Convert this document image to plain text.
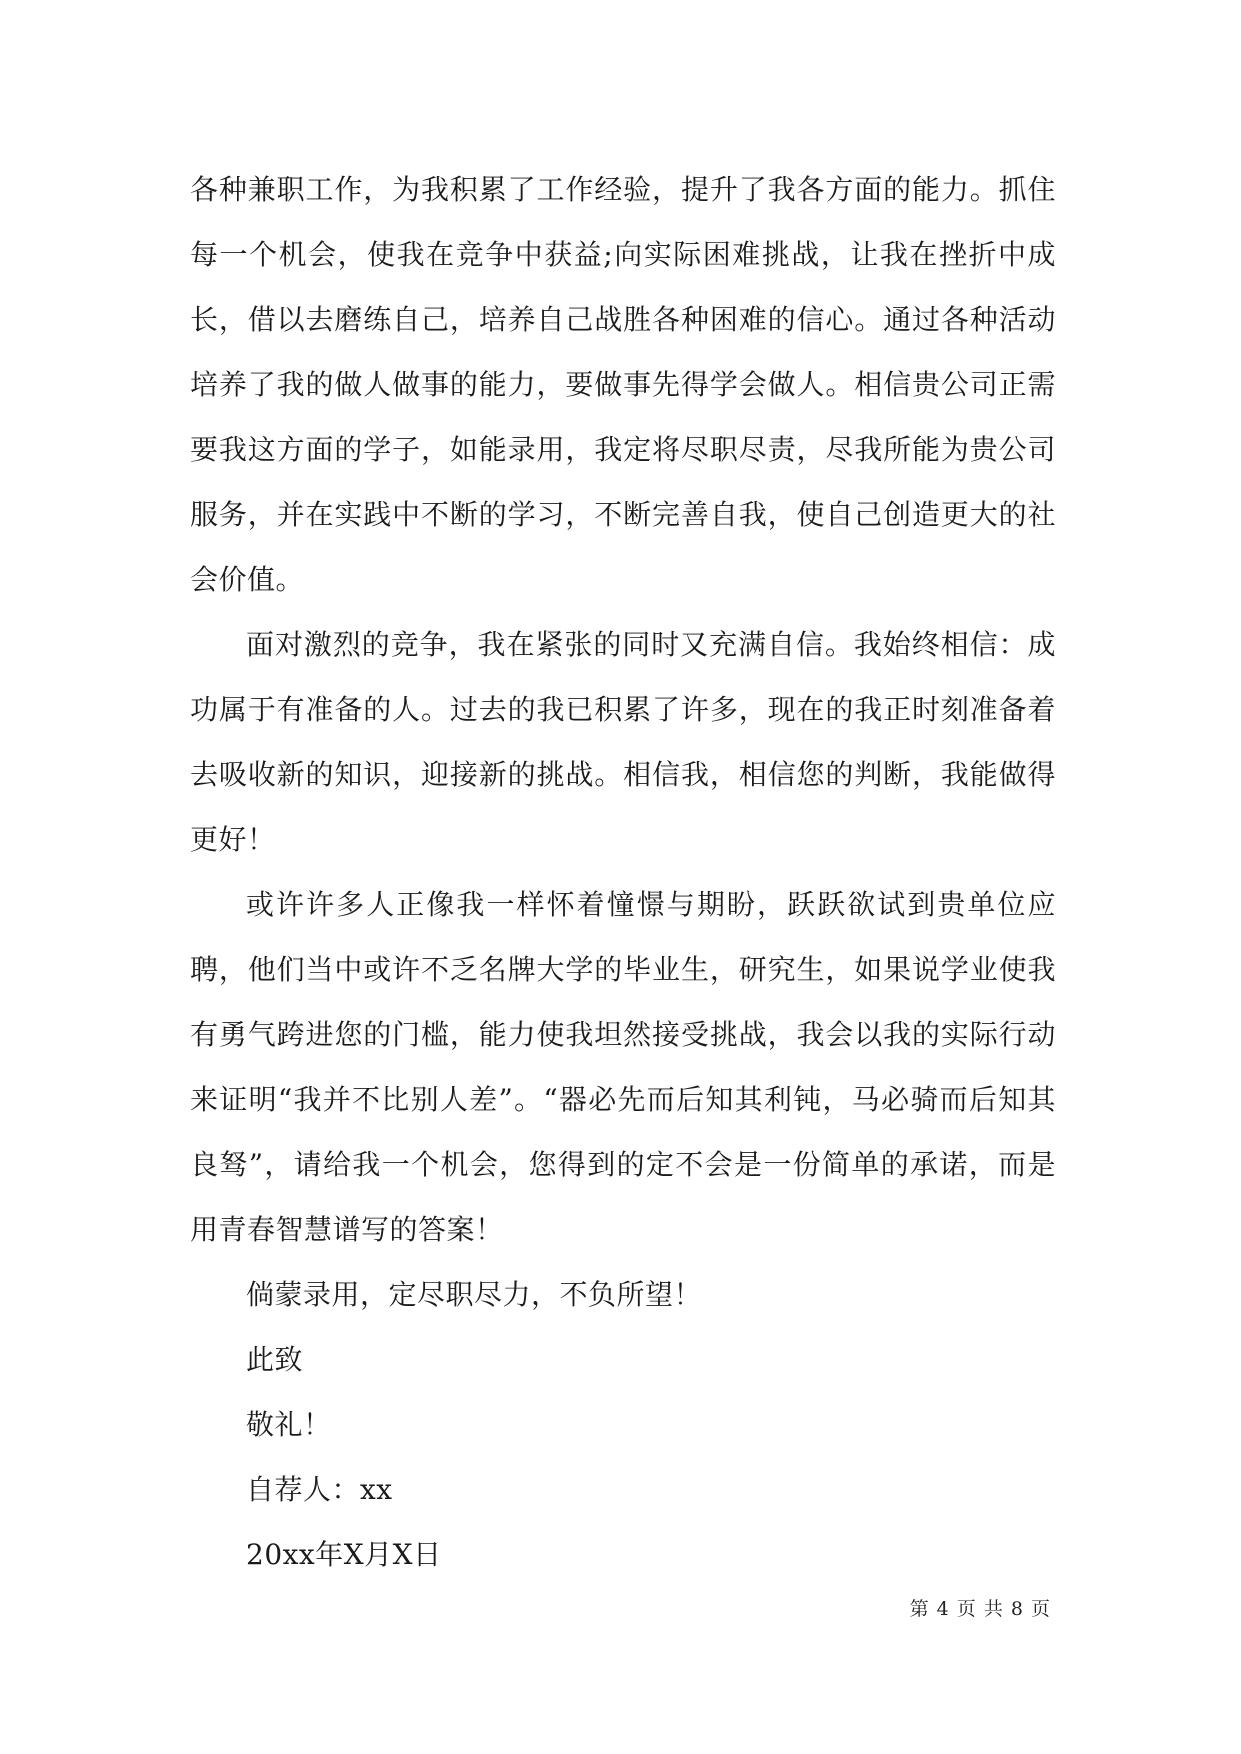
各种兼职工作，为我积累了工作经验，提升了我各方面的能力。抓住每一个机会，使我在竞争中获益;向实际困难挑战，让我在挫折中成长，借以去磨练自己，培养自己战胜各种困难的信心。通过各种活动培养了我的做人做事的能力，要做事先得学会做人。相信贵公司正需要我这方面的学子，如能录用，我定将尽职尽责，尽我所能为贵公司服务，并在实践中不断的学习，不断完善自我，使自己创造更大的社会价值。

面对激烈的竞争，我在紧张的同时又充满自信。我始终相信：成功属于有准备的人。过去的我已积累了许多，现在的我正时刻准备着去吸收新的知识，迎接新的挑战。相信我，相信您的判断，我能做得更好！

或许许多人正像我一样怀着憧憬与期盼，跃跃欲试到贵单位应聘，他们当中或许不乏名牌大学的毕业生，研究生，如果说学业使我有勇气跨进您的门槛，能力使我坦然接受挑战，我会以我的实际行动来证明“我并不比别人差”。“器必先而后知其利钝，马必骑而后知其良驽”，请给我一个机会，您得到的定不会是一份简单的承诺，而是用青春智慧谱写的答案！

倘蒙录用，定尽职尽力，不负所望！

此致

敬礼！

自荐人：xx

20xx年X月X日

第 4 页 共 8 页
